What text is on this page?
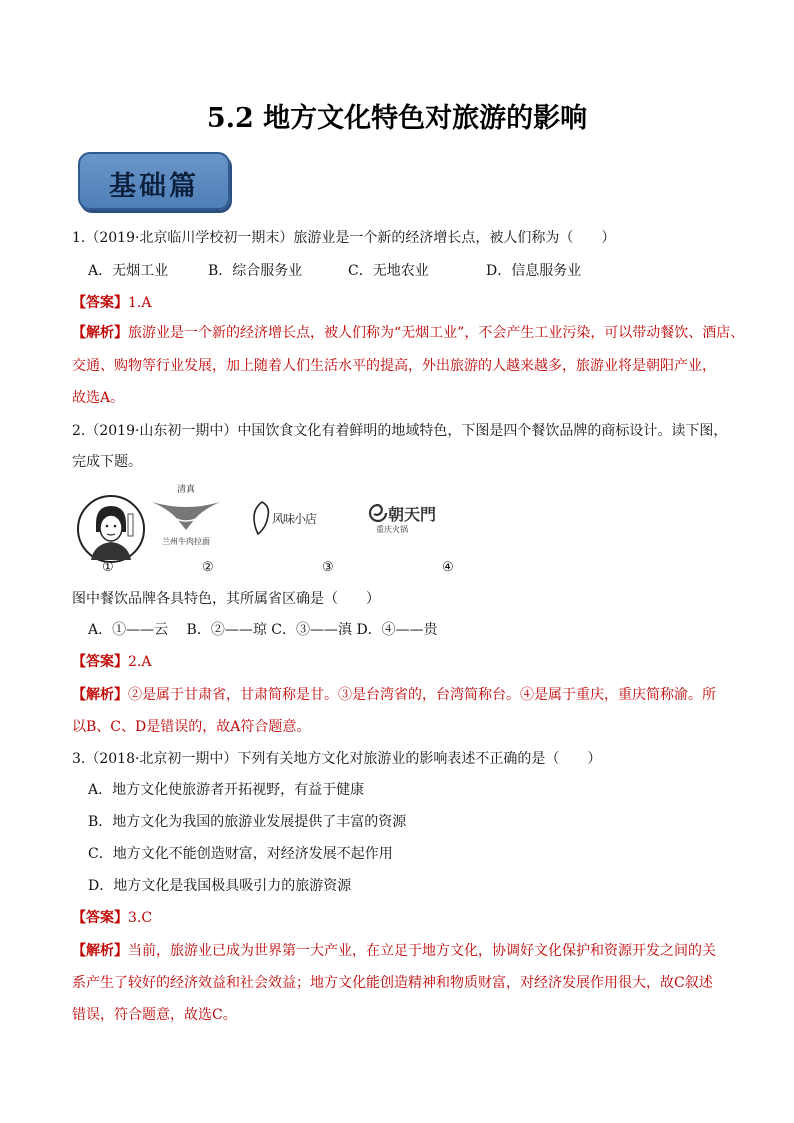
5.2 地方文化特色对旅游的影响
基础篇
1.（2019·北京临川学校初一期末）旅游业是一个新的经济增长点，被人们称为（　　）
A．无烟工业	B．综合服务业	C．无地农业	D．信息服务业
【答案】1.A
【解析】旅游业是一个新的经济增长点，被人们称为“无烟工业”，不会产生工业污染，可以带动餐饮、酒店、
交通、购物等行业发展，加上随着人们生活水平的提高，外出旅游的人越来越多，旅游业将是朝阳产业，
故选A。
2.（2019·山东初一期中）中国饮食文化有着鲜明的地域特色，下图是四个餐饮品牌的商标设计。读下图，
完成下题。
清真
兰州牛肉拉面
风味小店	朝天門
重庆火锅
①	②	③	④
图中餐饮品牌各具特色，其所属省区确是（　　）
A．①——云　 B．②——琼 C．③——滇 D．④——贵
【答案】2.A
【解析】②是属于甘肃省，甘肃简称是甘。③是台湾省的，台湾简称台。④是属于重庆，重庆简称渝。所
以B、C、D是错误的，故A符合题意。
3.（2018·北京初一期中）下列有关地方文化对旅游业的影响表述不正确的是（　　）
A．地方文化使旅游者开拓视野，有益于健康
B．地方文化为我国的旅游业发展提供了丰富的资源
C．地方文化不能创造财富，对经济发展不起作用
D．地方文化是我国极具吸引力的旅游资源
【答案】3.C
【解析】当前，旅游业已成为世界第一大产业，在立足于地方文化，协调好文化保护和资源开发之间的关
系产生了较好的经济效益和社会效益；地方文化能创造精神和物质财富，对经济发展作用很大，故C叙述
错误，符合题意，故选C。
